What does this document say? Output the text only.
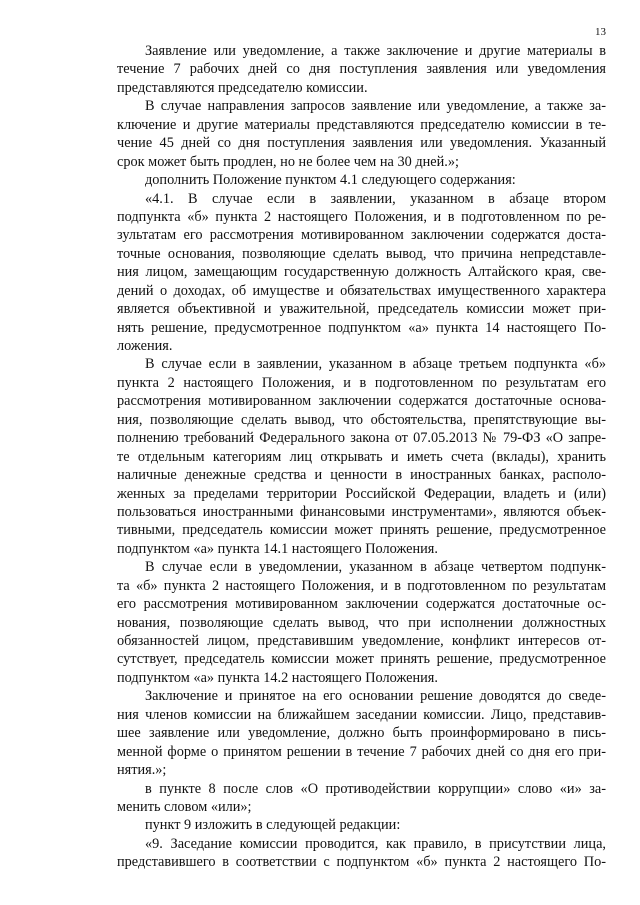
13
Заявление или уведомление, а также заключение и другие материалы в
течение 7 рабочих дней со дня поступления заявления или уведомления
представляются председателю комиссии.
В случае направления запросов заявление или уведомление, а также за-
ключение и другие материалы представляются председателю комиссии в те-
чение 45 дней со дня поступления заявления или уведомления. Указанный
срок может быть продлен, но не более чем на 30 дней.»;
дополнить Положение пунктом 4.1 следующего содержания:
«4.1. В случае если в заявлении, указанном в абзаце втором
подпункта «б» пункта 2 настоящего Положения, и в подготовленном по ре-
зультатам его рассмотрения мотивированном заключении содержатся доста-
точные основания, позволяющие сделать вывод, что причина непредставле-
ния лицом, замещающим государственную должность Алтайского края, све-
дений о доходах, об имуществе и обязательствах имущественного характера
является объективной и уважительной, председатель комиссии может при-
нять решение, предусмотренное подпунктом «а» пункта 14 настоящего По-
ложения.
В случае если в заявлении, указанном в абзаце третьем подпункта «б»
пункта 2 настоящего Положения, и в подготовленном по результатам его
рассмотрения мотивированном заключении содержатся достаточные основа-
ния, позволяющие сделать вывод, что обстоятельства, препятствующие вы-
полнению требований Федерального закона от 07.05.2013 № 79-ФЗ «О запре-
те отдельным категориям лиц открывать и иметь счета (вклады), хранить
наличные денежные средства и ценности в иностранных банках, располо-
женных за пределами территории Российской Федерации, владеть и (или)
пользоваться иностранными финансовыми инструментами», являются объек-
тивными, председатель комиссии может принять решение, предусмотренное
подпунктом «а» пункта 14.1 настоящего Положения.
В случае если в уведомлении, указанном в абзаце четвертом подпунк-
та «б» пункта 2 настоящего Положения, и в подготовленном по результатам
его рассмотрения мотивированном заключении содержатся достаточные ос-
нования, позволяющие сделать вывод, что при исполнении должностных
обязанностей лицом, представившим уведомление, конфликт интересов от-
сутствует, председатель комиссии может принять решение, предусмотренное
подпунктом «а» пункта 14.2 настоящего Положения.
Заключение и принятое на его основании решение доводятся до сведе-
ния членов комиссии на ближайшем заседании комиссии. Лицо, представив-
шее заявление или уведомление, должно быть проинформировано в пись-
менной форме о принятом решении в течение 7 рабочих дней со дня его при-
нятия.»;
в пункте 8 после слов «О противодействии коррупции» слово «и» за-
менить словом «или»;
пункт 9 изложить в следующей редакции:
«9. Заседание комиссии проводится, как правило, в присутствии лица,
представившего в соответствии с подпунктом «б» пункта 2 настоящего По-
